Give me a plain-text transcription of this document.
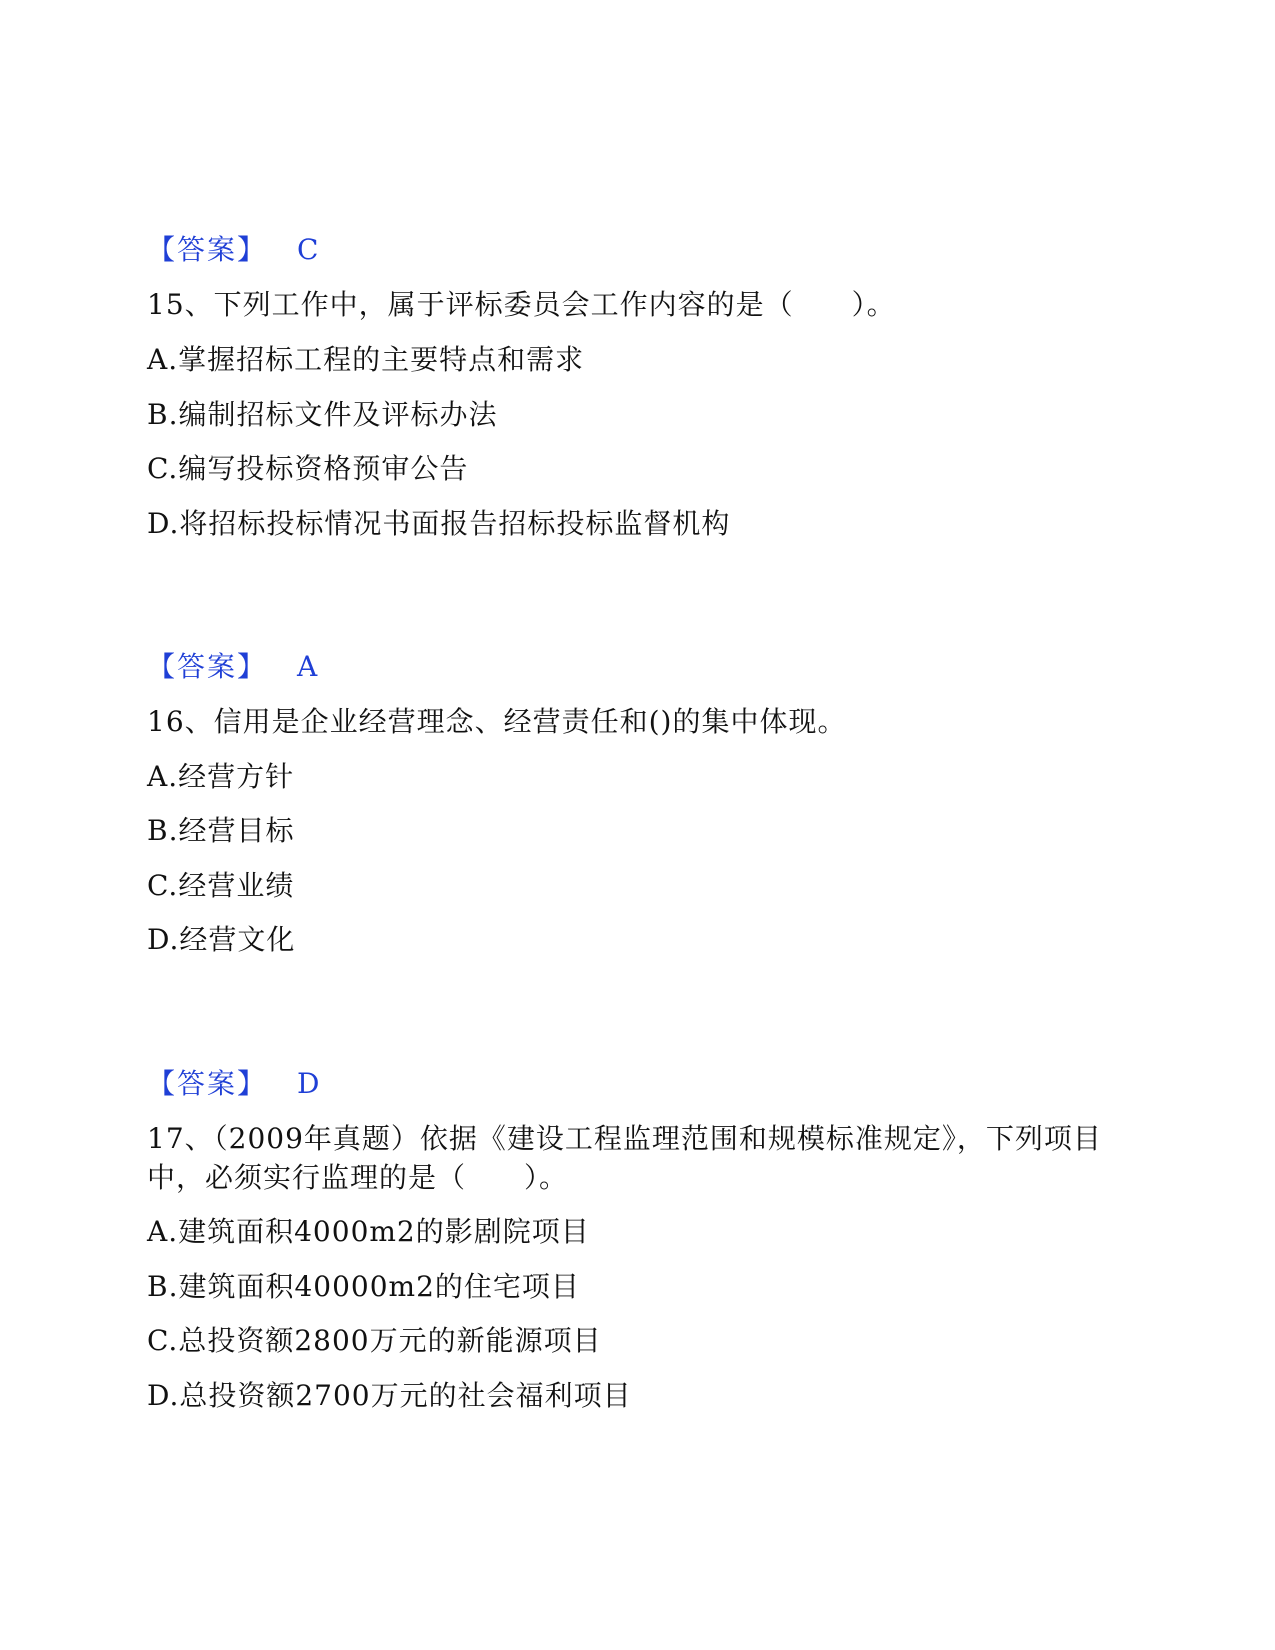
【答案】 C
15、下列工作中，属于评标委员会工作内容的是（　　）。
A.掌握招标工程的主要特点和需求
B.编制招标文件及评标办法
C.编写投标资格预审公告
D.将招标投标情况书面报告招标投标监督机构
【答案】 A
16、信用是企业经营理念、经营责任和()的集中体现。
A.经营方针
B.经营目标
C.经营业绩
D.经营文化
【答案】 D
17、（2009年真题）依据《建设工程监理范围和规模标准规定》，下列项目
中，必须实行监理的是（　　）。
A.建筑面积4000m2的影剧院项目
B.建筑面积40000m2的住宅项目
C.总投资额2800万元的新能源项目
D.总投资额2700万元的社会福利项目
